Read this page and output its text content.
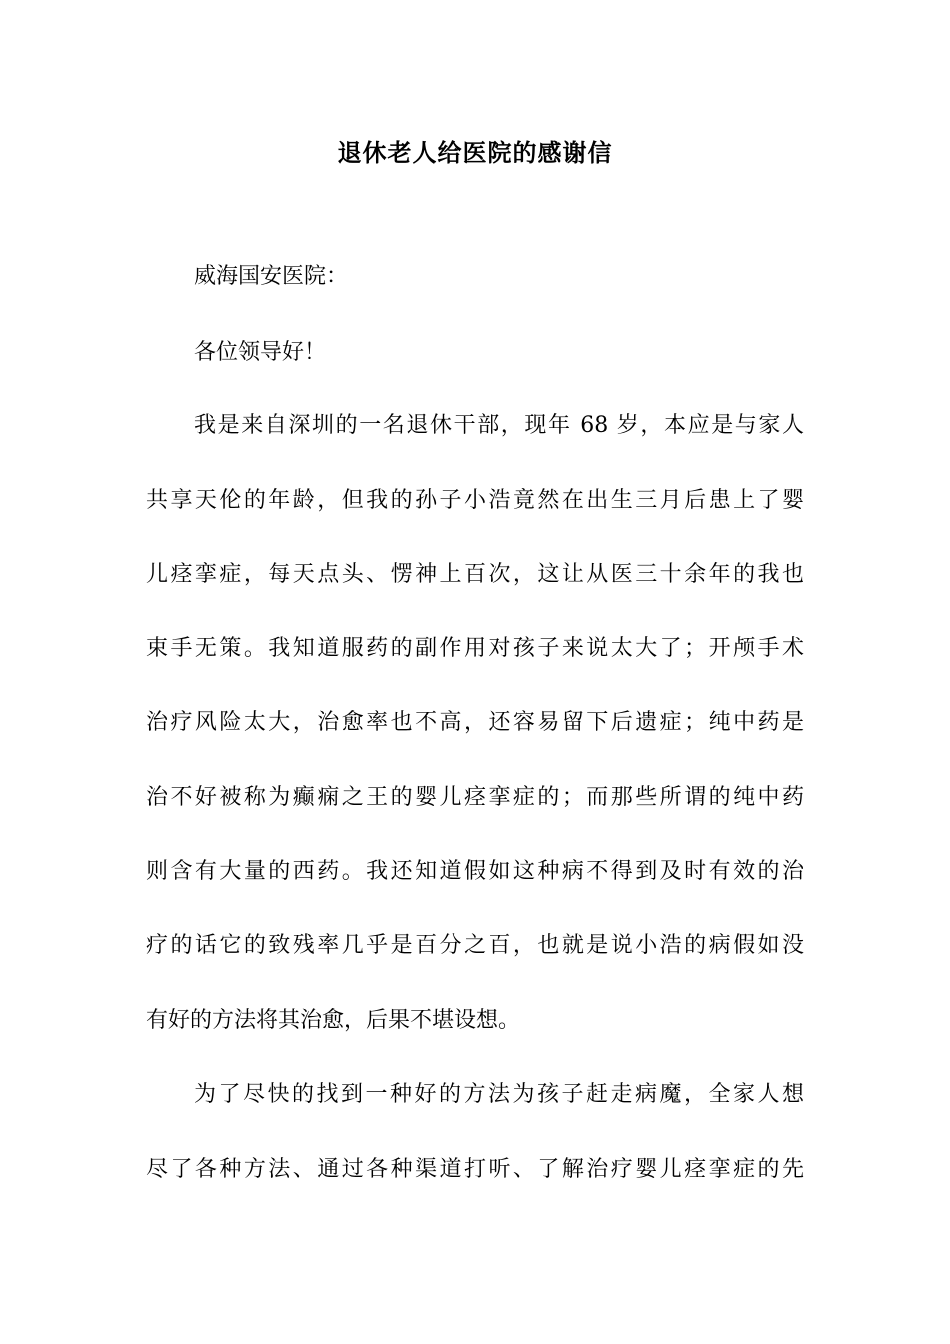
退休老人给医院的感谢信
威海国安医院：
各位领导好！
我是来自深圳的一名退休干部，现年 68 岁，本应是与家人
共享天伦的年龄，但我的孙子小浩竟然在出生三月后患上了婴
儿痉挛症，每天点头、愣神上百次，这让从医三十余年的我也
束手无策。我知道服药的副作用对孩子来说太大了；开颅手术
治疗风险太大，治愈率也不高，还容易留下后遗症；纯中药是
治不好被称为癫痫之王的婴儿痉挛症的；而那些所谓的纯中药
则含有大量的西药。我还知道假如这种病不得到及时有效的治
疗的话它的致残率几乎是百分之百，也就是说小浩的病假如没
有好的方法将其治愈，后果不堪设想。
为了尽快的找到一种好的方法为孩子赶走病魔，全家人想
尽了各种方法、通过各种渠道打听、了解治疗婴儿痉挛症的先
